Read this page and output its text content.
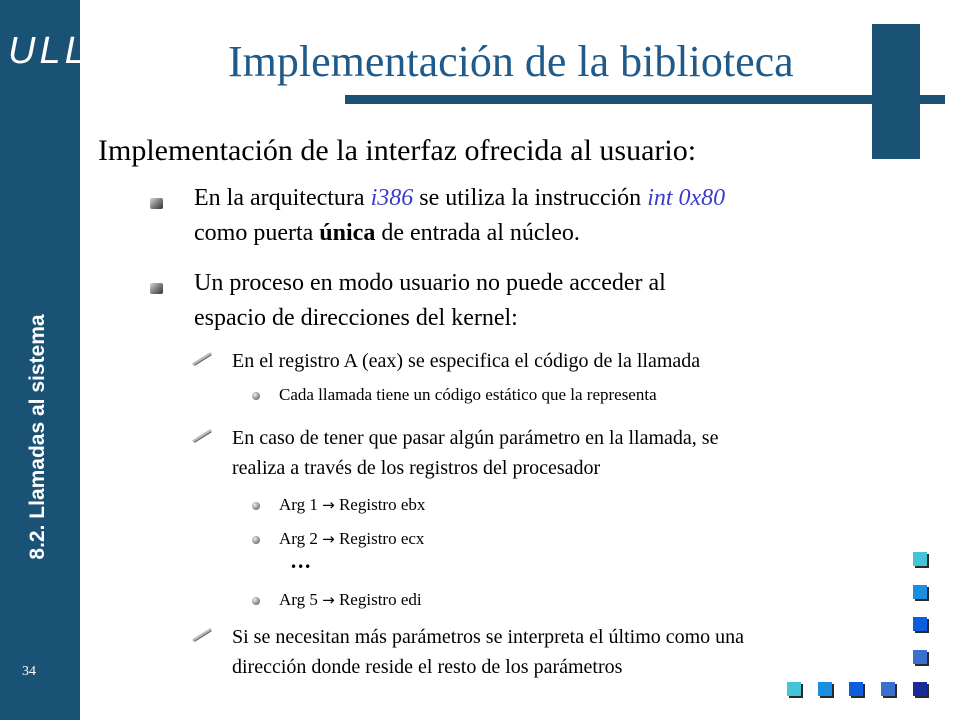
ULL
8.2. Llamadas al sistema
34
Implementación de la biblioteca
Implementación de la interfaz ofrecida al usuario:
En la arquitectura i386 se utiliza la instrucción int 0x80
como puerta única de entrada al núcleo.
Un proceso en modo usuario no puede acceder al
espacio de direcciones del kernel:
En el registro A (eax) se especifica el código de la llamada
Cada llamada tiene un código estático que la representa
En caso de tener que pasar algún parámetro en la llamada, se
realiza a través de los registros del procesador
Arg 1 → Registro ebx
Arg 2 → Registro ecx
•••
Arg 5 → Registro edi
Si se necesitan más parámetros se interpreta el último como una
dirección donde reside el resto de los parámetros
